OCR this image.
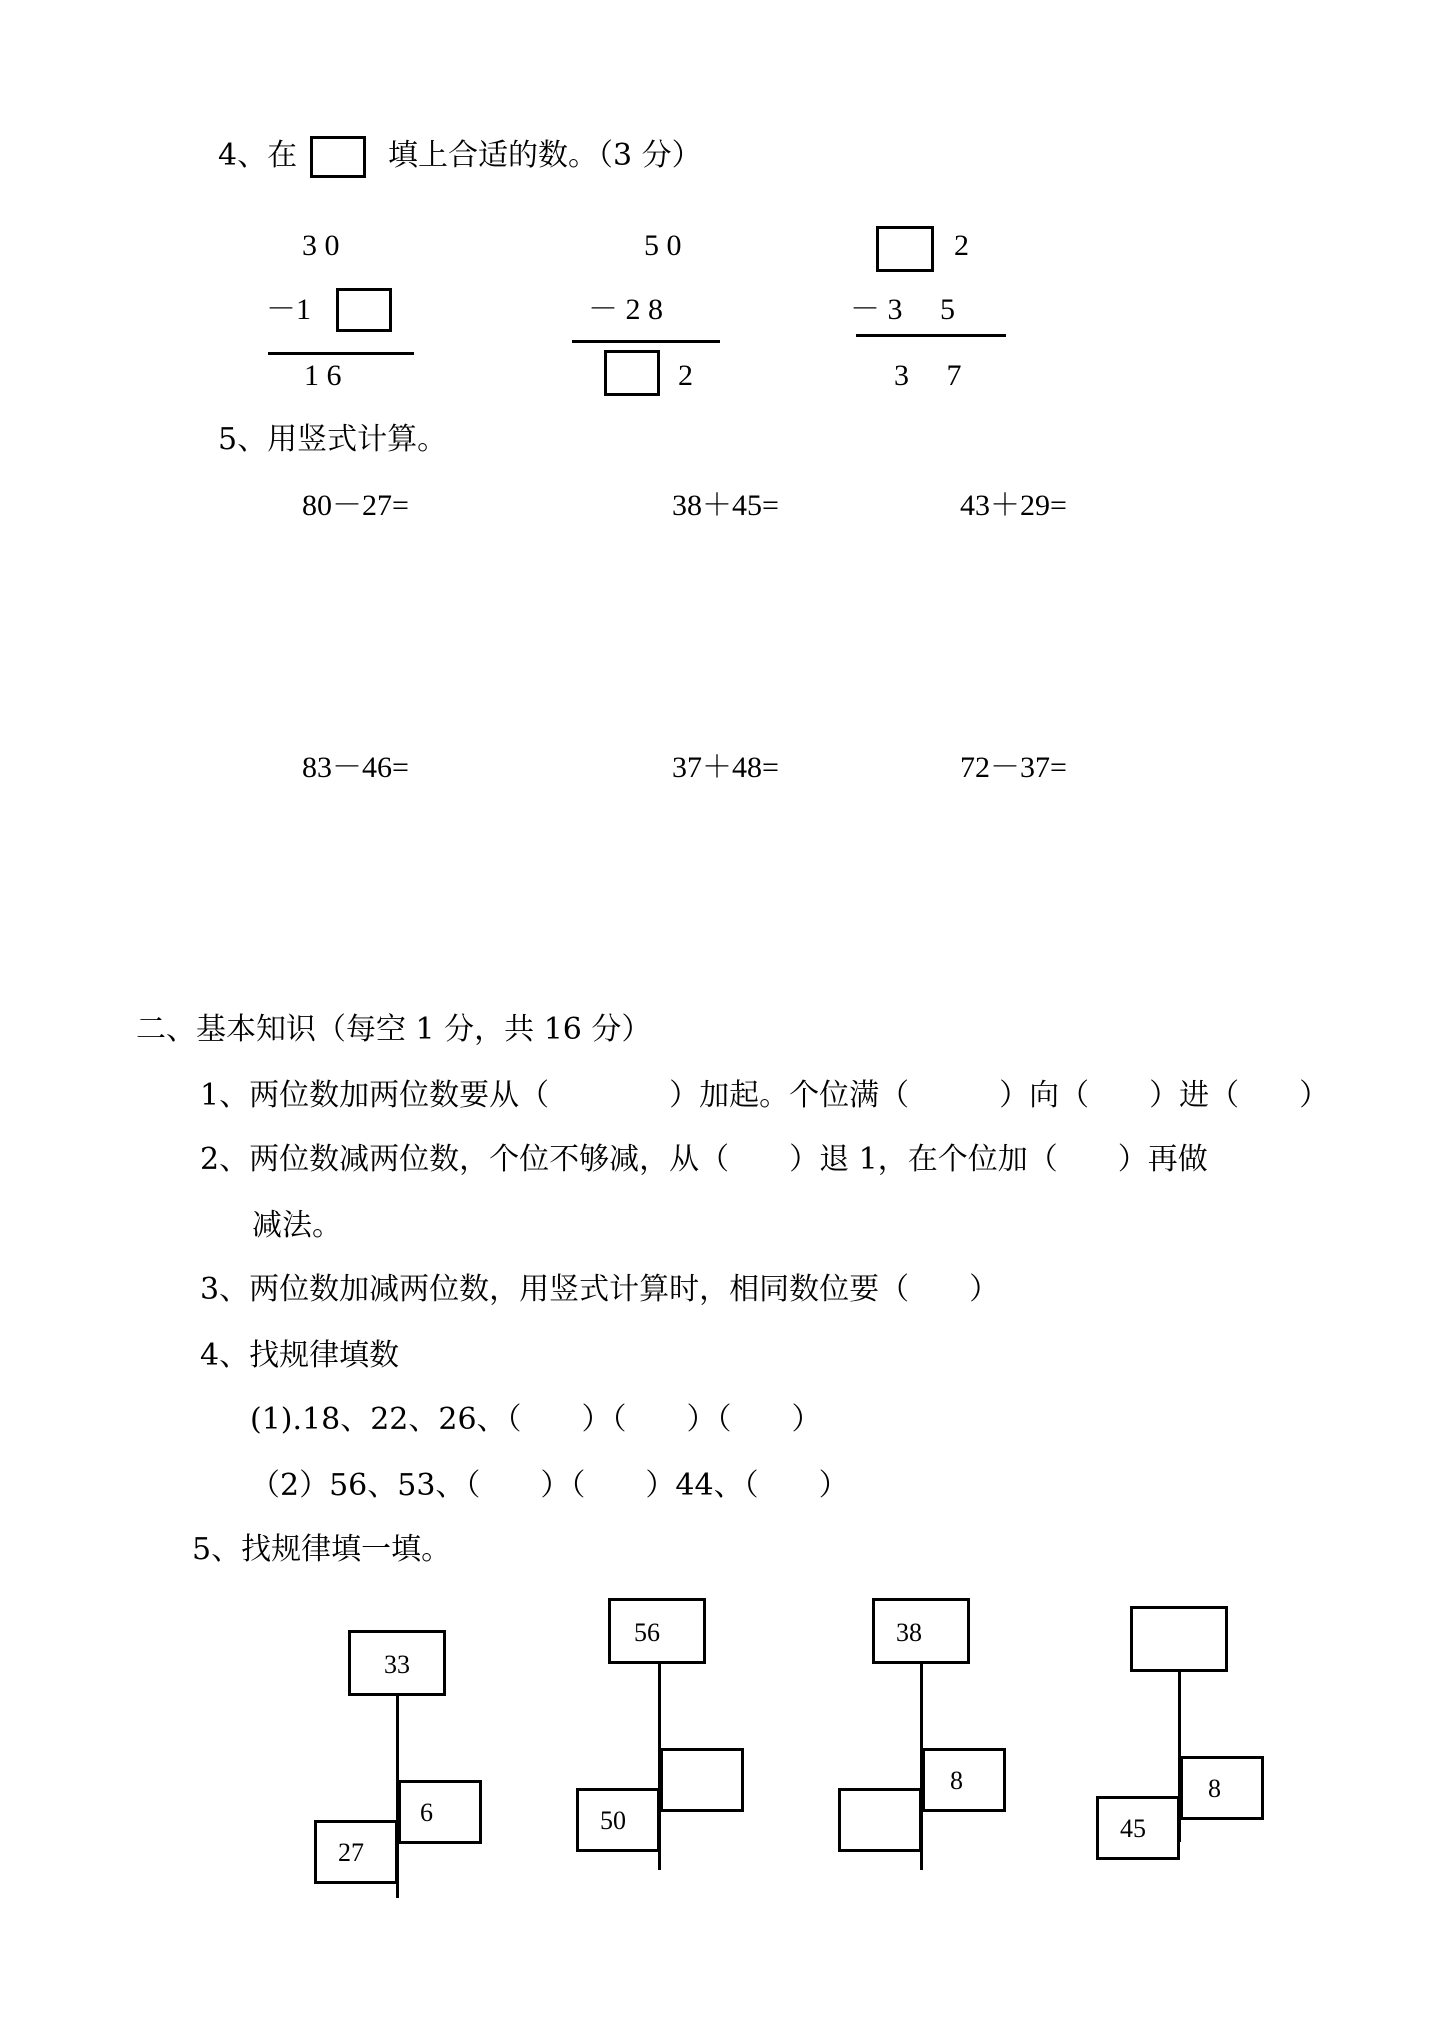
4、在	填上合适的数。（3 分）
3 0
－1
1 6
5 0
－ 2 8
2
2
－ 3　 5
3　 7
5、用竖式计算。
80－27=	38＋45=	43＋29=
83－46=	37＋48=	72－37=
二、基本知识（每空 1 分，共 16 分）
1、两位数加两位数要从（　　　　）加起。个位满（　　　）向（　　）进（　　）
2、两位数减两位数，个位不够减，从（　　）退 1，在个位加（　　）再做
减法。
3、两位数加减两位数，用竖式计算时，相同数位要（　　）
4、找规律填数
(1).18、22、26、（　　）（　　）（　　）
（2）56、53、（　　）（　　）44、（　　）
5、找规律填一填。
33
6
27
56
50
38
8	8
45
